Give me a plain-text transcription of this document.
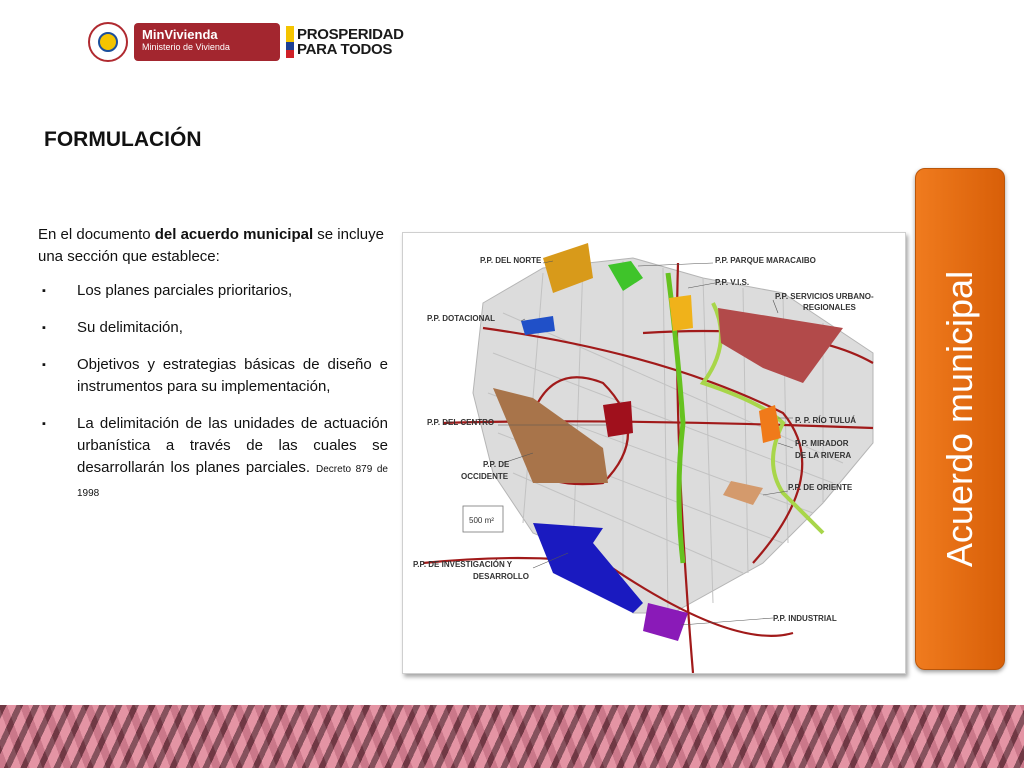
MinVivienda
Ministerio de Vivienda
PROSPERIDAD
PARA TODOS
FORMULACIÓN

En el documento del acuerdo municipal se incluye una sección que establece:

▪ Los planes parciales prioritarios,
▪ Su delimitación,
▪ Objetivos y estrategias básicas de diseño e instrumentos para su implementación,
▪ La delimitación de las unidades de actuación urbanística a través de las cuales se desarrollarán los planes parciales. Decreto 879 de 1998
P.P. DEL NORTE	P.P. PARQUE MARACAIBO
P.P. V.I.S.
P.P. SERVICIOS URBANO-
REGIONALES
P.P. DOTACIONAL
P. P. RÍO TULUÁ
P.P. DEL CENTRO
P.P. MIRADOR
DE LA RIVERA
P.P. DE
OCCIDENTE
P.P. DE ORIENTE
P.P. DE INVESTIGACIÓN Y
DESARROLLO
P.P. INDUSTRIAL
500 m²	Acuerdo municipal
